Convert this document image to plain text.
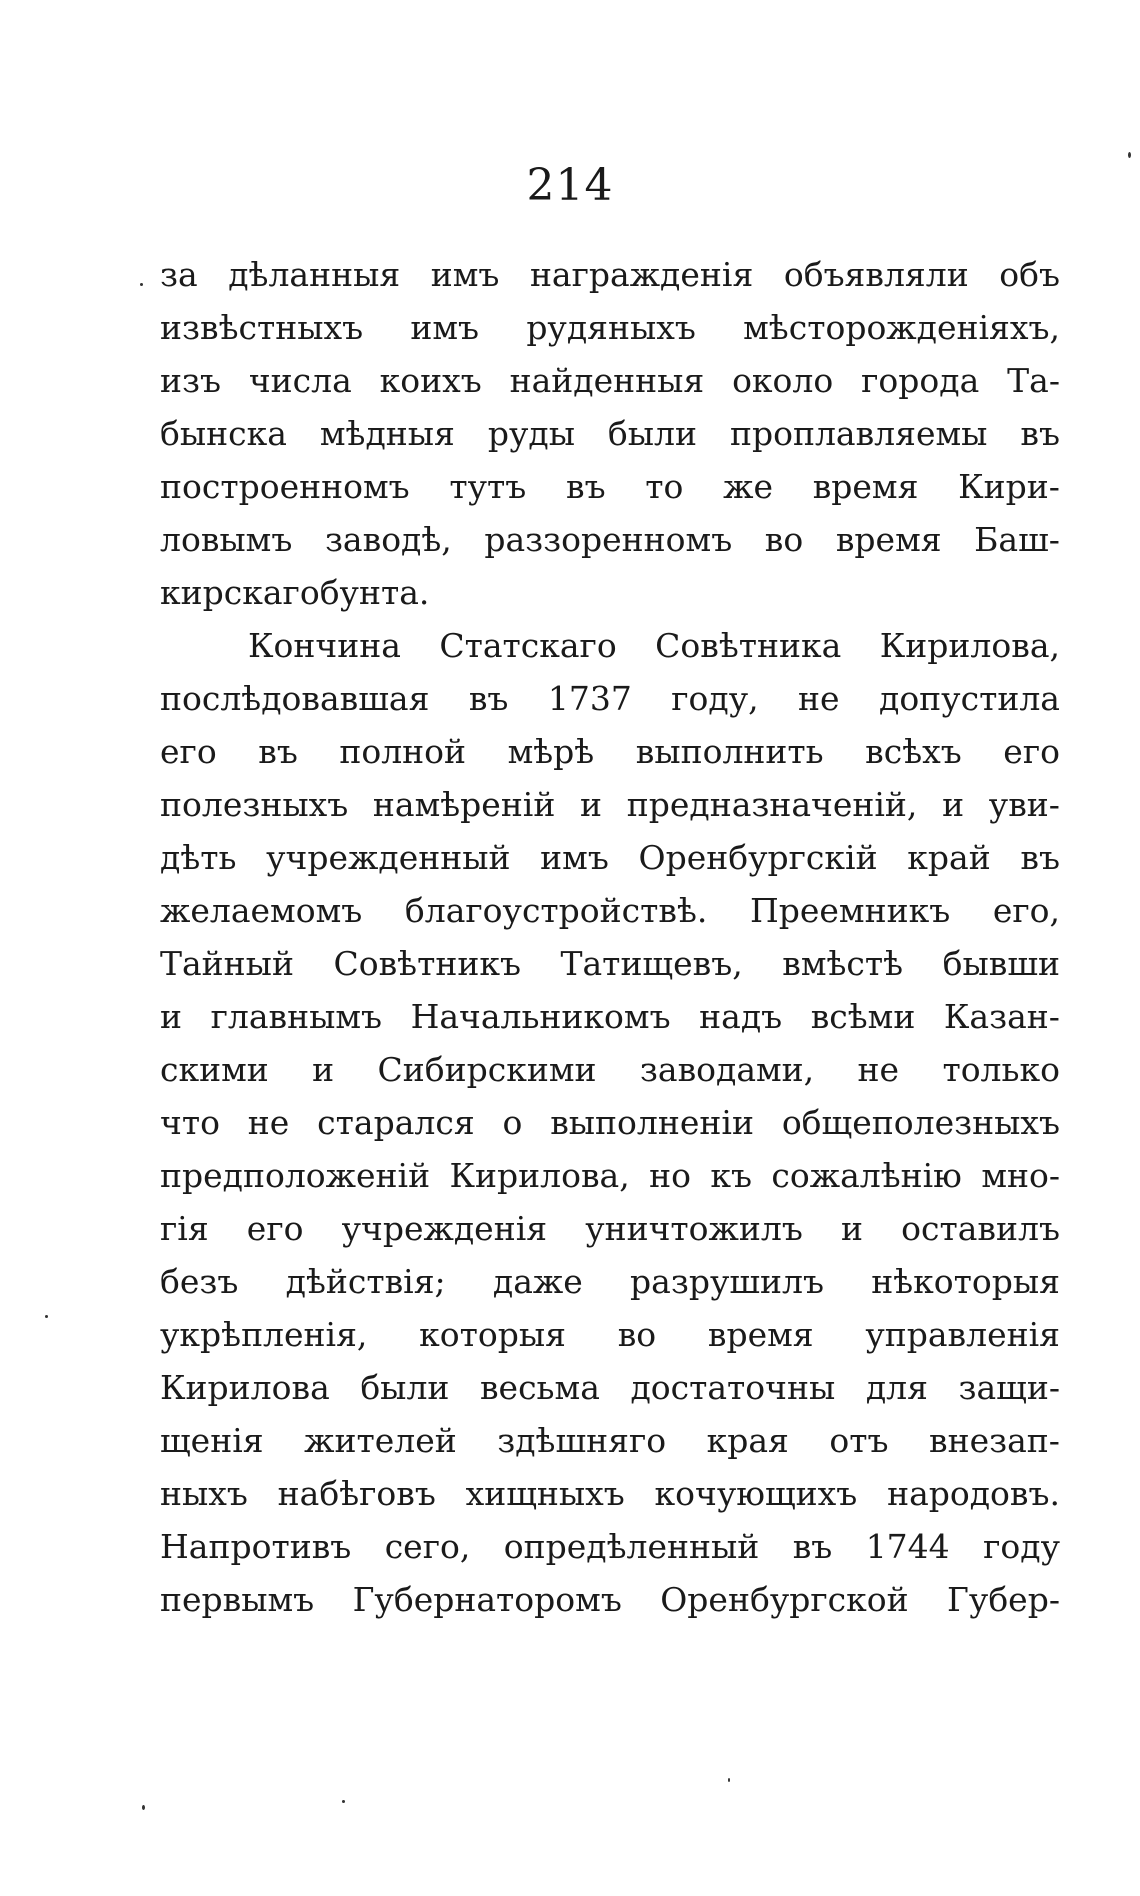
214
за дѣланныя имъ награжденія объявляли объ
извѣстныхъ имъ рудяныхъ мѣсторожденіяхъ,
изъ числа коихъ найденныя около города Та-
бынска мѣдныя руды были проплавляемы въ
построенномъ тутъ въ то же время Кири-
ловымъ заводѣ, раззоренномъ во время Баш-
кирскаго бунта.
Кончина Статскаго Совѣтника Кирилова,
послѣдовавшая въ 1737 году, не допустила
его въ полной мѣрѣ выполнить всѣхъ его
полезныхъ намѣреній и предназначеній, и уви-
дѣть учрежденный имъ Оренбургскій край въ
желаемомъ благоустройствѣ. Преемникъ его,
Тайный Совѣтникъ Татищевъ, вмѣстѣ бывши
и главнымъ Начальникомъ надъ всѣми Казан-
скими и Сибирскими заводами, не только
что не старался о выполненіи общеполезныхъ
предположеній Кирилова, но къ сожалѣнію мно-
гія его учрежденія уничтожилъ и оставилъ
безъ дѣйствія; даже разрушилъ нѣкоторыя
укрѣпленія, которыя во время управленія
Кирилова были весьма достаточны для защи-
щенія жителей здѣшняго края отъ внезап-
ныхъ набѣговъ хищныхъ кочующихъ народовъ.
Напротивъ сего, опредѣленный въ 1744 году
первымъ Губернаторомъ Оренбургской Губер-
